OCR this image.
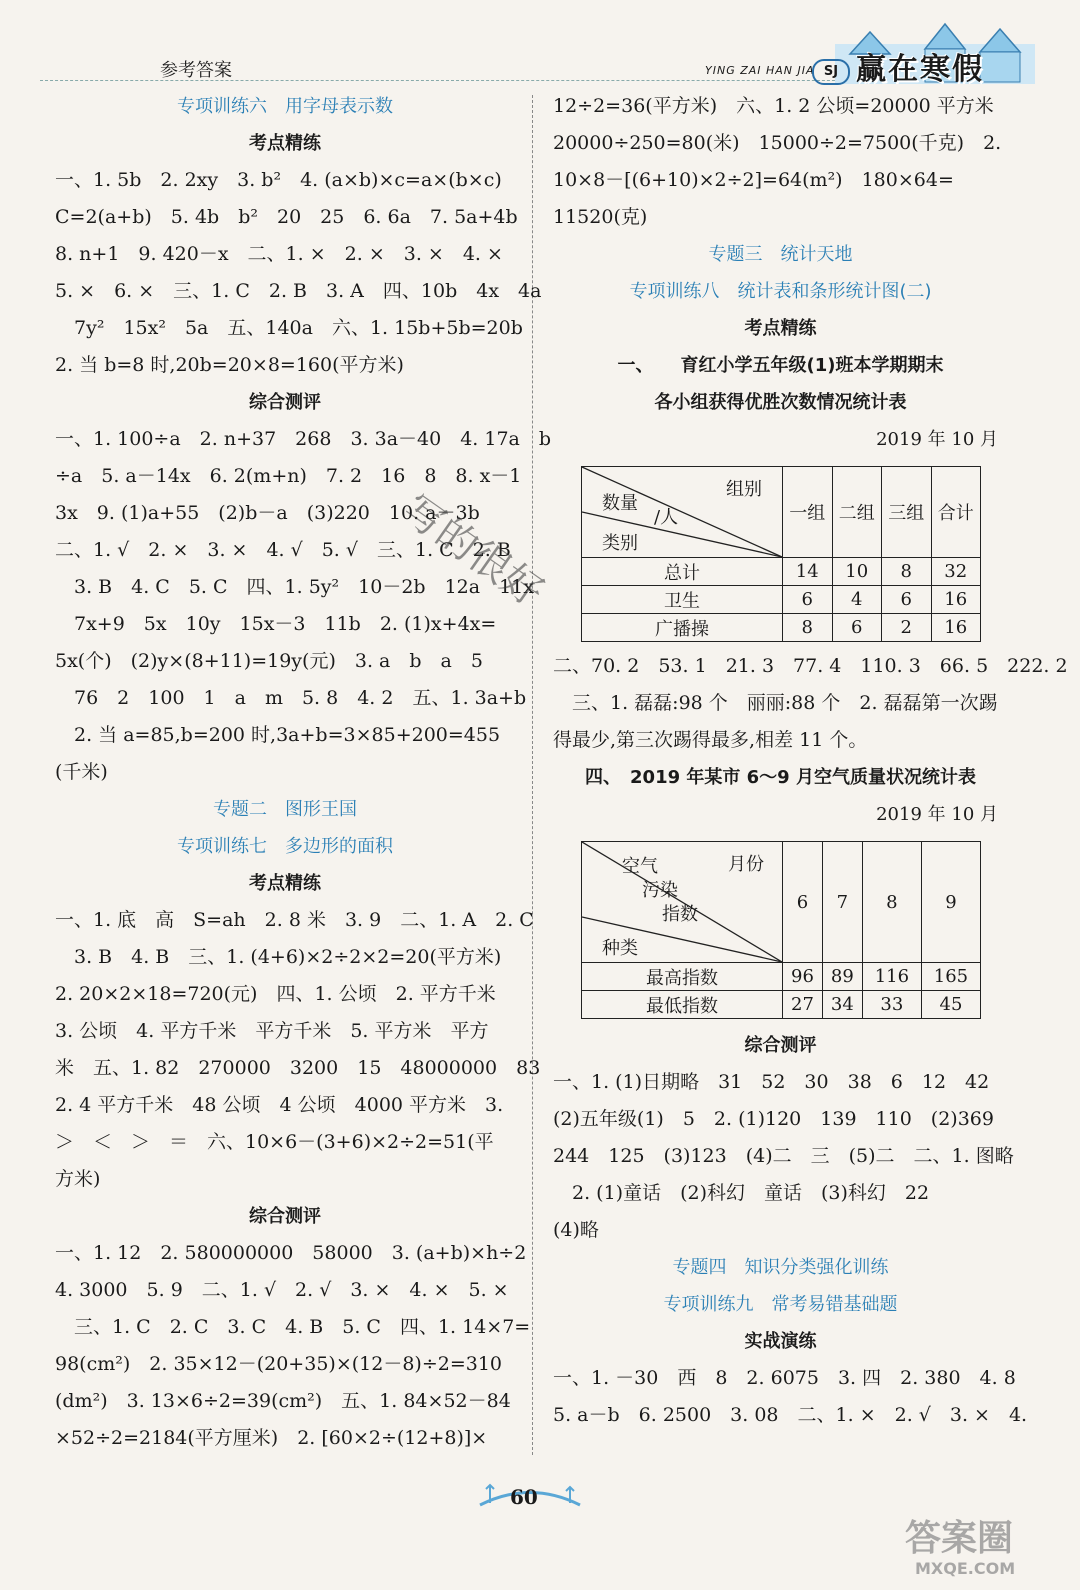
参考答案	YING ZAI HAN JIA SJ 赢在寒假
专项训练六　用字母表示数
考点精练
一、1. 5b　2. 2xy　3. b²　4. (a×b)×c=a×(b×c)
C=2(a+b)　5. 4b　b²　20　25　6. 6a　7. 5a+4b
8. n+1　9. 420－x　二、1. ×　2. ×　3. ×　4. ×
5. ×　6. ×　三、1. C　2. B　3. A　四、10b　4x　4a
　7y²　15x²　5a　五、140a　六、1. 15b+5b=20b
2. 当 b=8 时,20b=20×8=160(平方米)
综合测评
一、1. 100÷a　2. n+37　268　3. 3a－40　4. 17a　b
÷a　5. a－14x　6. 2(m+n)　7. 2　16　8　8. x－1
3x　9. (1)a+55　(2)b－a　(3)220　10. a－3b
二、1. √　2. ×　3. ×　4. √　5. √　三、1. C　2. B
　3. B　4. C　5. C　四、1. 5y²　10－2b　12a　11x
　7x+9　5x　10y　15x－3　11b　2. (1)x+4x=
5x(个)　(2)y×(8+11)=19y(元)　3. a　b　a　5
　76　2　100　1　a　m　5. 8　4. 2　五、1. 3a+b
　2. 当 a=85,b=200 时,3a+b=3×85+200=455
(千米)
专题二　图形王国
专项训练七　多边形的面积
考点精练
一、1. 底　高　S=ah　2. 8 米　3. 9　二、1. A　2. C
　3. B　4. B　三、1. (4+6)×2÷2×2=20(平方米)
2. 20×2×18=720(元)　四、1. 公顷　2. 平方千米
3. 公顷　4. 平方千米　平方千米　5. 平方米　平方
米　五、1. 82　270000　3200　15　48000000　83
2. 4 平方千米　48 公顷　4 公顷　4000 平方米　3.
＞　＜　＞　＝　六、10×6－(3+6)×2÷2=51(平
方米)
综合测评
一、1. 12　2. 580000000　58000　3. (a+b)×h÷2
4. 3000　5. 9　二、1. √　2. √　3. ×　4. ×　5. ×
　三、1. C　2. C　3. C　4. B　5. C　四、1. 14×7=
98(cm²)　2. 35×12－(20+35)×(12－8)÷2=310
(dm²)　3. 13×6÷2=39(cm²)　五、1. 84×52－84
×52÷2=2184(平方厘米)　2. [60×2÷(12+8)]×
12÷2=36(平方米)　六、1. 2 公顷=20000 平方米
20000÷250=80(米)　15000÷2=7500(千克)　2.
10×8－[(6+10)×2÷2]=64(m²)　180×64=
11520(克)
专题三　统计天地
专项训练八　统计表和条形统计图(二)
考点精练
一、　　育红小学五年级(1)班本学期期末
各小组获得优胜次数情况统计表
2019 年 10 月
组别
数量
/人
类别	一组	二组	三组	合计
总计	14	10	8	32
卫生	6	4	6	16
广播操	8	6	2	16
二、70. 2　53. 1　21. 3　77. 4　110. 3　66. 5　222. 2
　三、1. 磊磊:98 个　丽丽:88 个　2. 磊磊第一次踢
得最少,第三次踢得最多,相差 11 个。
四、　2019 年某市 6～9 月空气质量状况统计表
2019 年 10 月
月份
空气
污染
指数
种类	6	7	8	9
最高指数	96	89	116	165
最低指数	27	34	33	45
综合测评
一、1. (1)日期略　31　52　30　38　6　12　42
(2)五年级(1)　5　2. (1)120　139　110　(2)369
244　125　(3)123　(4)二　三　(5)二　二、1. 图略
　2. (1)童话　(2)科幻　童话　(3)科幻　22
(4)略
专题四　知识分类强化训练
专项训练九　常考易错基础题
实战演练
一、1. －30　西　8　2. 6075　3. 四　2. 380　4. 8
5. a－b　6. 2500　3. 08　二、1. ×　2. √　3. ×　4.
写的很好
60
答案圈
MXQE.COM
